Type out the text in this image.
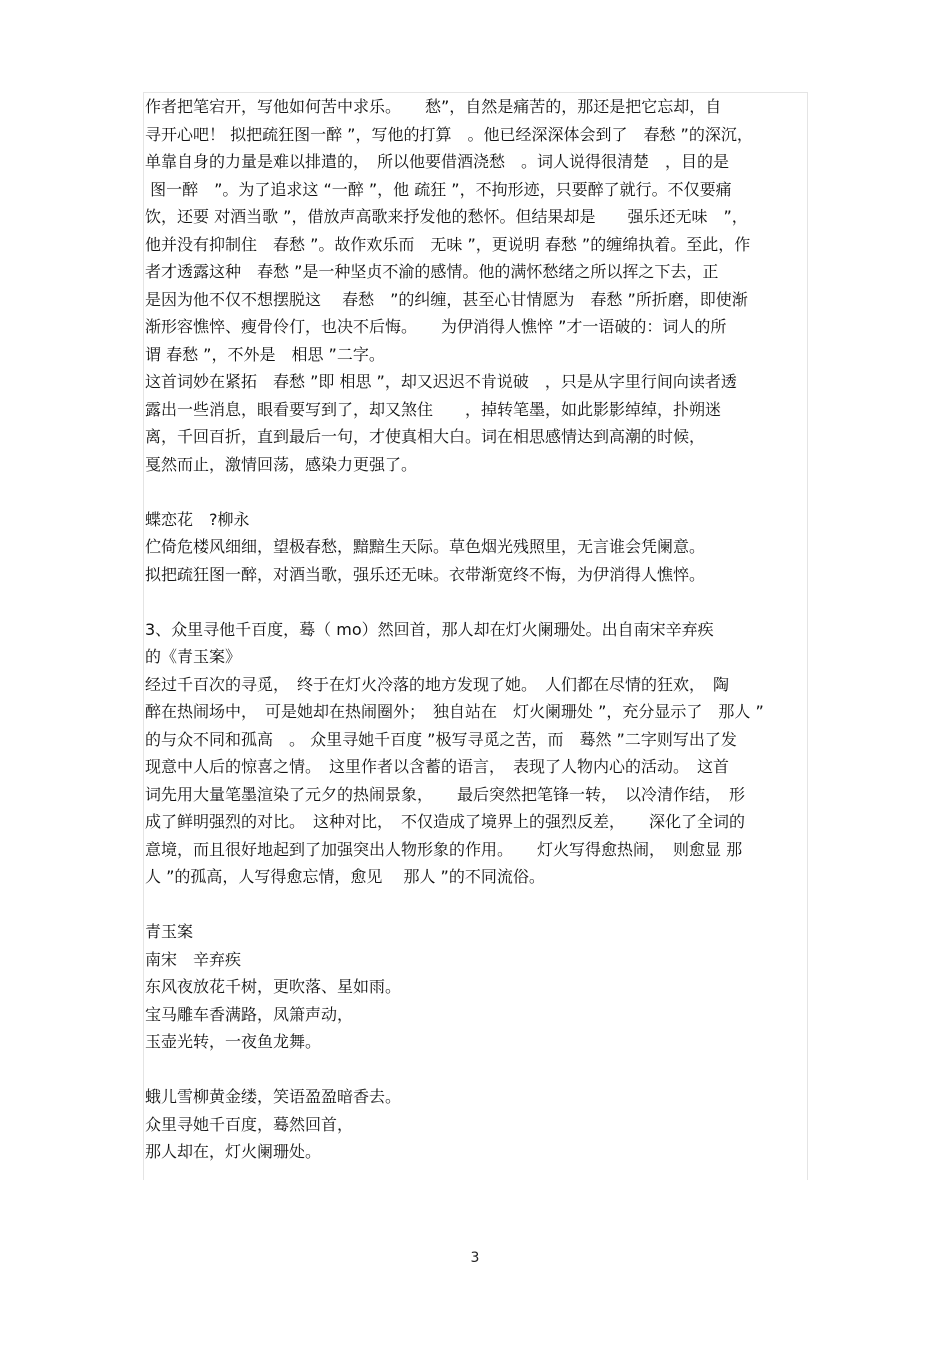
作者把笔宕开，写他如何苦中求乐。　　愁”，自然是痛苦的，那还是把它忘却，自
寻开心吧！ 拟把疏狂图一醉 ”，写他的打算　。他已经深深体会到了　春愁 ”的深沉，
单靠自身的力量是难以排遣的，　所以他要借酒浇愁　。词人说得很清楚　，目的是
图一醉　”。为了追求这 “一醉 ”，他 疏狂 ”，不拘形迹，只要醉了就行。不仅要痛
饮，还要 对酒当歌 ”，借放声高歌来抒发他的愁怀。但结果却是　　强乐还无味　”，
他并没有抑制住　春愁 ”。故作欢乐而　无味 ”，更说明 春愁 ”的缠绵执着。至此，作
者才透露这种　春愁 ”是一种坚贞不渝的感情。他的满怀愁绪之所以挥之下去，正
是因为他不仅不想摆脱这　 春愁　”的纠缠，甚至心甘情愿为　春愁 ”所折磨，即使渐
渐形容憔悴、瘦骨伶仃，也决不后悔。　　为伊消得人憔悴 ”才一语破的：词人的所
谓 春愁 ”，不外是　相思 ”二字。
这首词妙在紧拓　春愁 ”即 相思 ”，却又迟迟不肯说破　，只是从字里行间向读者透
露出一些消息，眼看要写到了，却又煞住　　，掉转笔墨，如此影影绰绰，扑朔迷
离，千回百折，直到最后一句，才使真相大白。词在相思感情达到高潮的时候，
戛然而止，激情回荡，感染力更强了。
蝶恋花　?柳永
伫倚危楼风细细，望极春愁，黯黯生天际。草色烟光残照里，无言谁会凭阑意。
拟把疏狂图一醉，对酒当歌，强乐还无味。衣带渐宽终不悔，为伊消得人憔悴。
3、众里寻他千百度，蓦（ mo）然回首，那人却在灯火阑珊处。出自南宋辛弃疾
的《青玉案》
经过千百次的寻觅，　终于在灯火冷落的地方发现了她。　人们都在尽情的狂欢，　陶
醉在热闹场中，　可是她却在热闹圈外；　独自站在　灯火阑珊处 ”，充分显示了　那人 ”
的与众不同和孤高　。 众里寻她千百度 ”极写寻觅之苦，而　蓦然 ”二字则写出了发
现意中人后的惊喜之情。　这里作者以含蓄的语言，　表现了人物内心的活动。　这首
词先用大量笔墨渲染了元夕的热闹景象，　　最后突然把笔锋一转，　以冷清作结，　形
成了鲜明强烈的对比。　这种对比，　不仅造成了境界上的强烈反差，　　深化了全词的
意境，而且很好地起到了加强突出人物形象的作用。　　灯火写得愈热闹，　则愈显 那
人 ”的孤高，人写得愈忘情，愈见　 那人 ”的不同流俗。
青玉案
南宋　辛弃疾
东风夜放花千树，更吹落、星如雨。
宝马雕车香满路，凤箫声动，
玉壶光转，一夜鱼龙舞。
蛾儿雪柳黄金缕，笑语盈盈暗香去。
众里寻她千百度，蓦然回首，
那人却在，灯火阑珊处。
3
